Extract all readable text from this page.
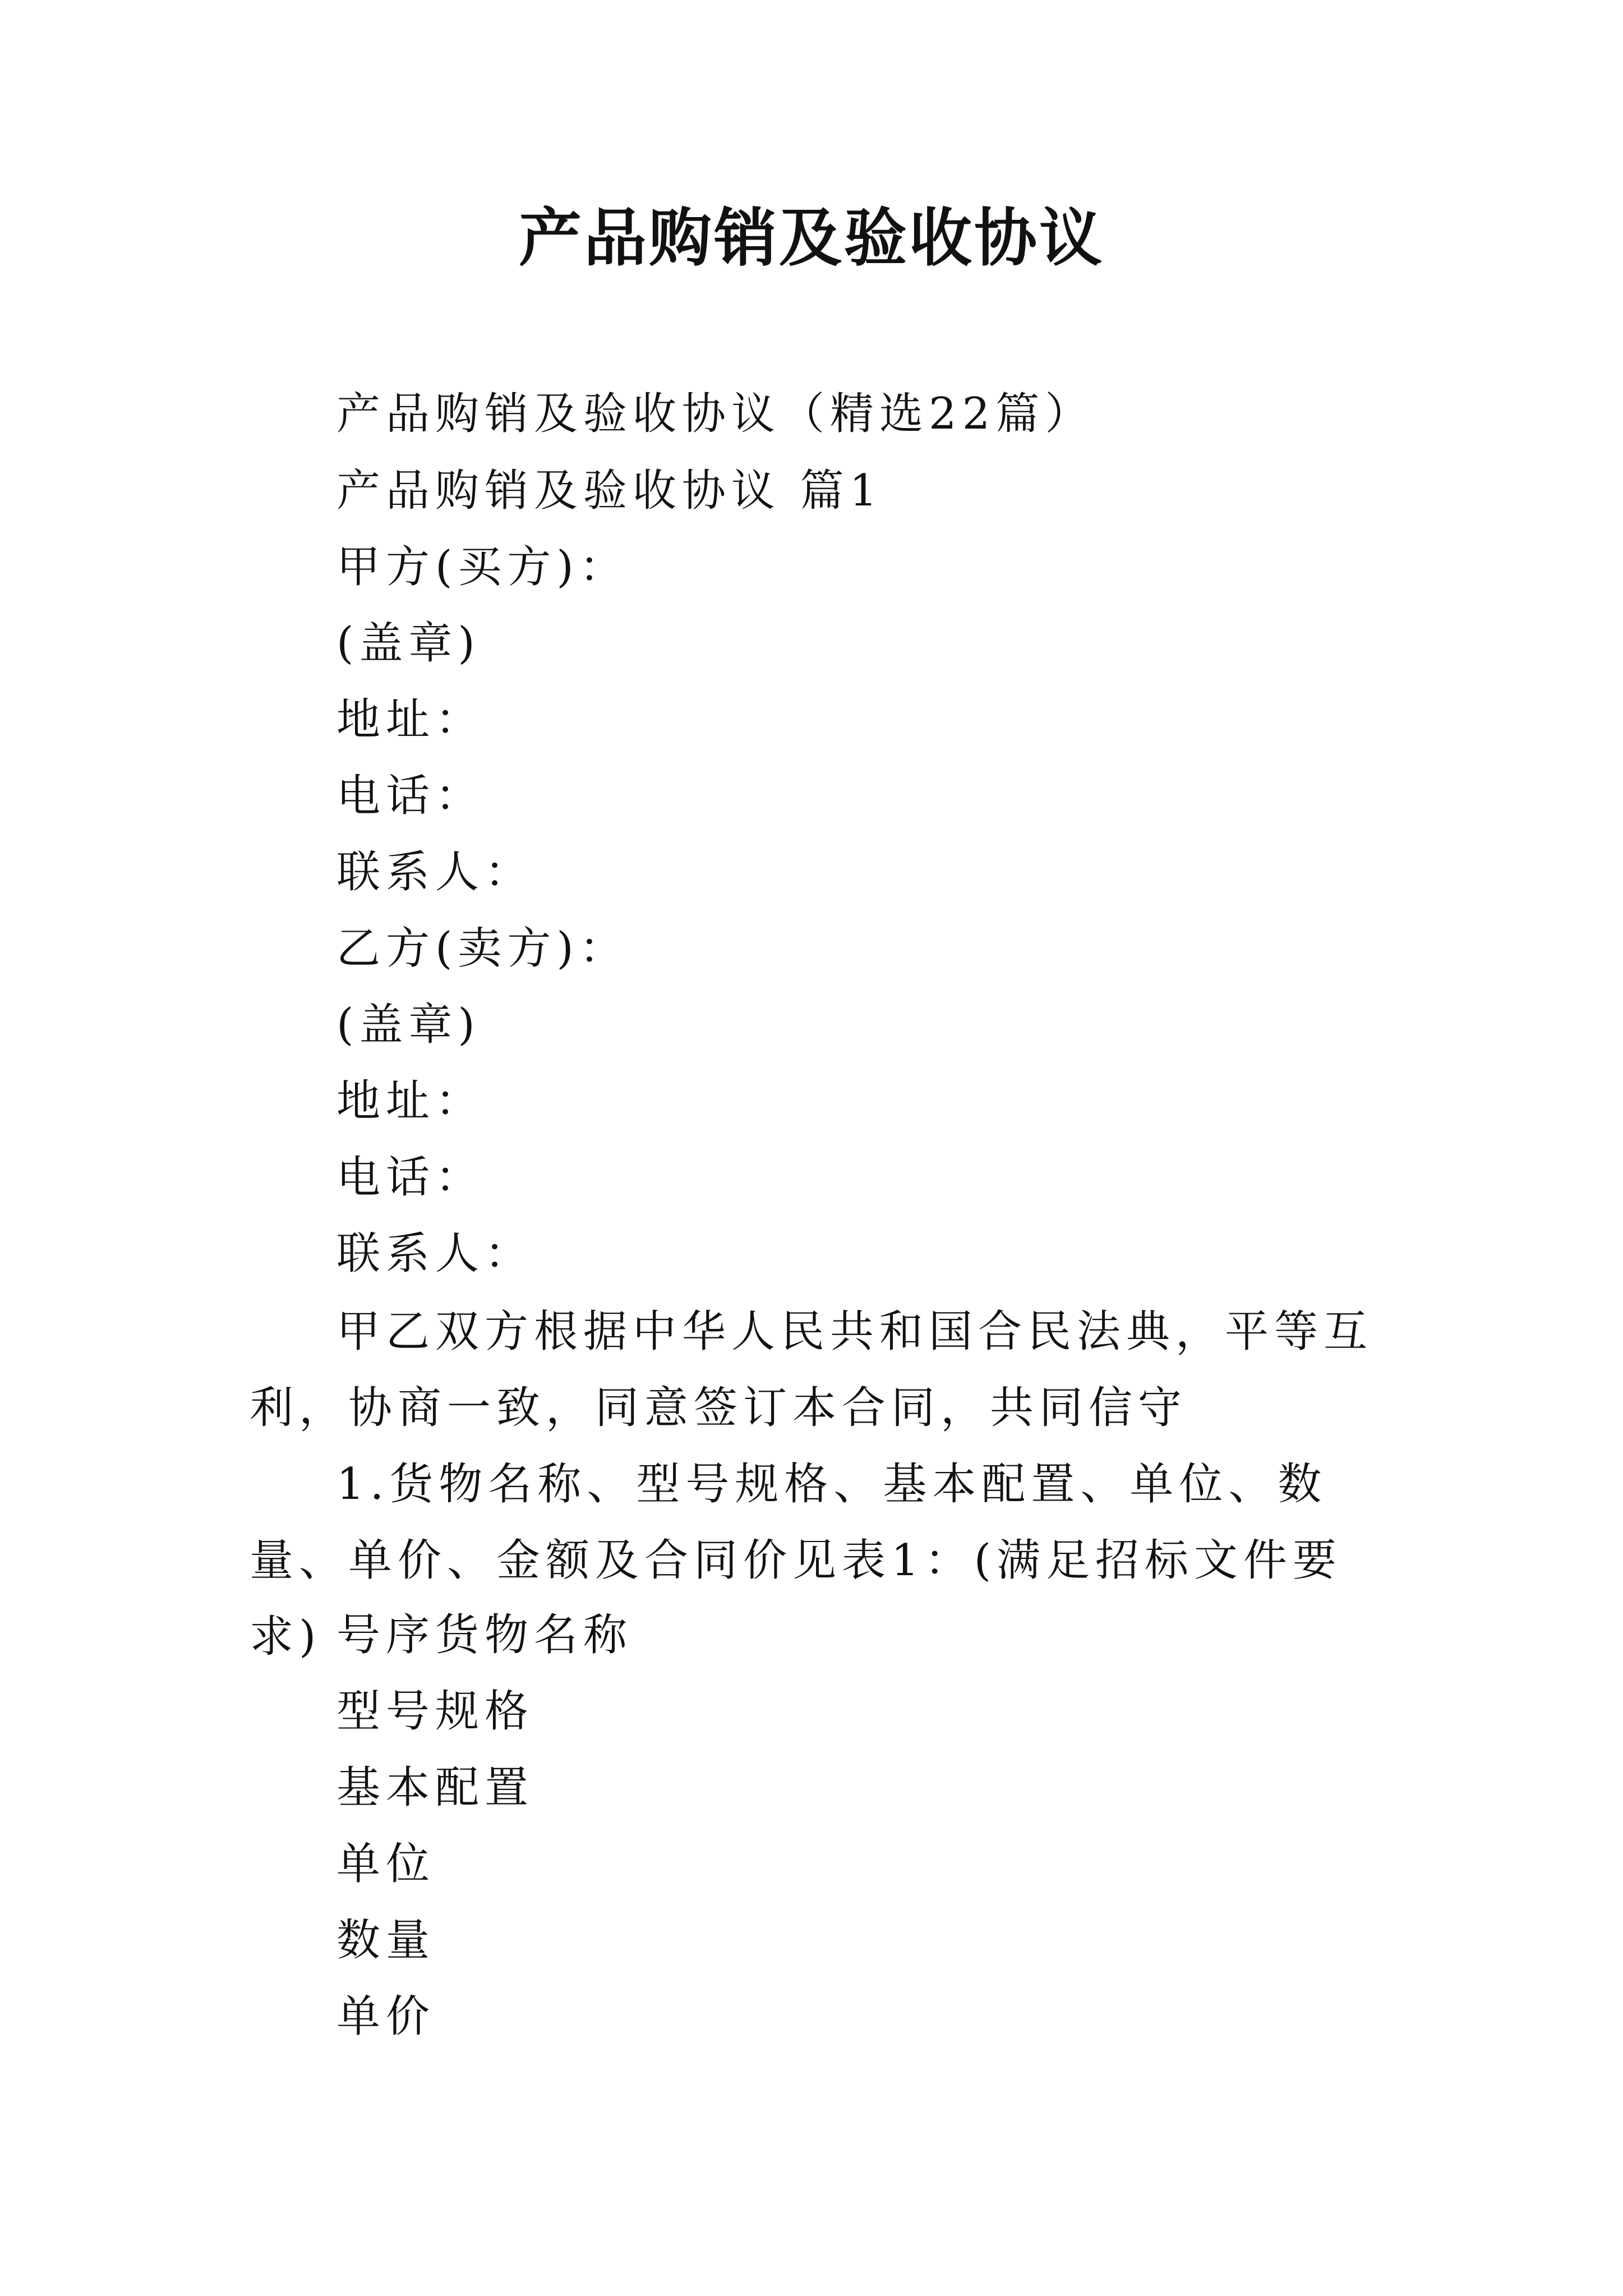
产品购销及验收协议
产品购销及验收协议（精选22篇）
产品购销及验收协议 篇1
甲方(买方)：
(盖章)
地址：
电话：
联系人：
乙方(卖方)：
(盖章)
地址：
电话：
联系人：
甲乙双方根据中华人民共和国合民法典，平等互利，协商一致，同意签订本合同，共同信守
1.货物名称、型号规格、基本配置、单位、数量、单价、金额及合同价见表1：(满足招标文件要求) 号序货物名称
型号规格
基本配置
单位
数量
单价
